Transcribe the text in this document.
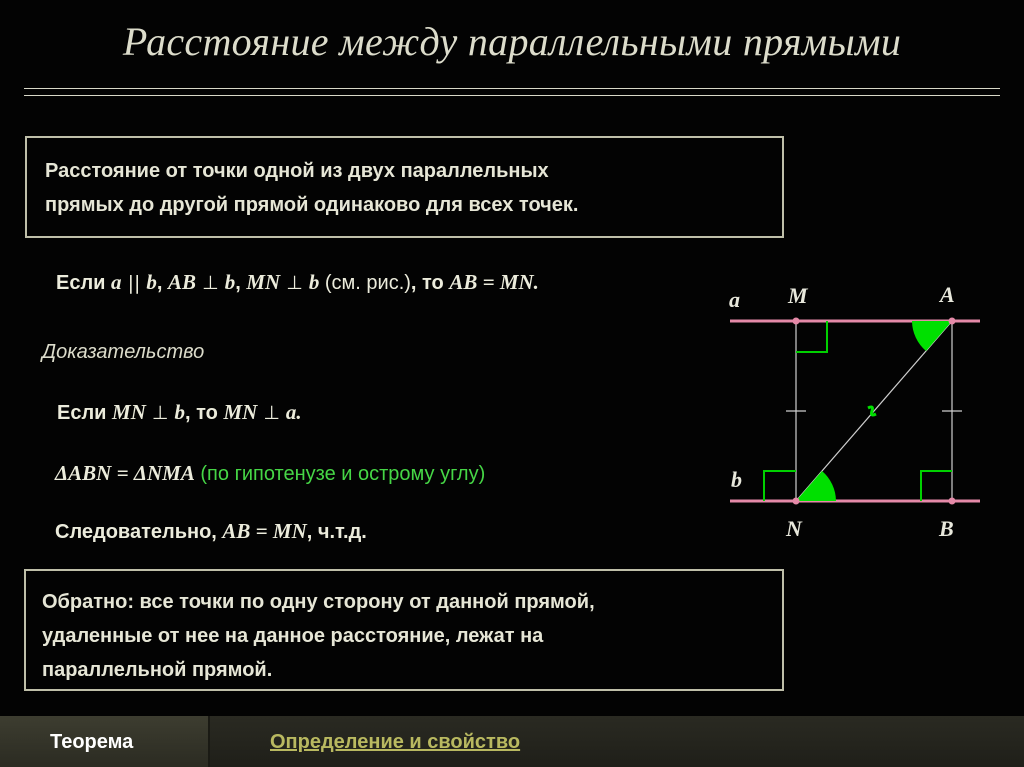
Расстояние между параллельными прямыми
Расстояние от точки одной из двух параллельных
прямых до другой прямой одинаково для всех точек.
Если a || b, AB ⊥ b, MN ⊥ b (см. рис.), то AB = MN.
Доказательство
Если MN ⊥ b, то MN ⊥ a.
ΔABN = ΔNMA (по гипотенузе и острому углу)
Следовательно, AB = MN, ч.т.д.
Обратно: все точки по одну сторону от данной прямой,
удаленные от нее на данное расстояние, лежат на
параллельной прямой.
a
b
M	A
N	B
Теорема	Определение и свойство
